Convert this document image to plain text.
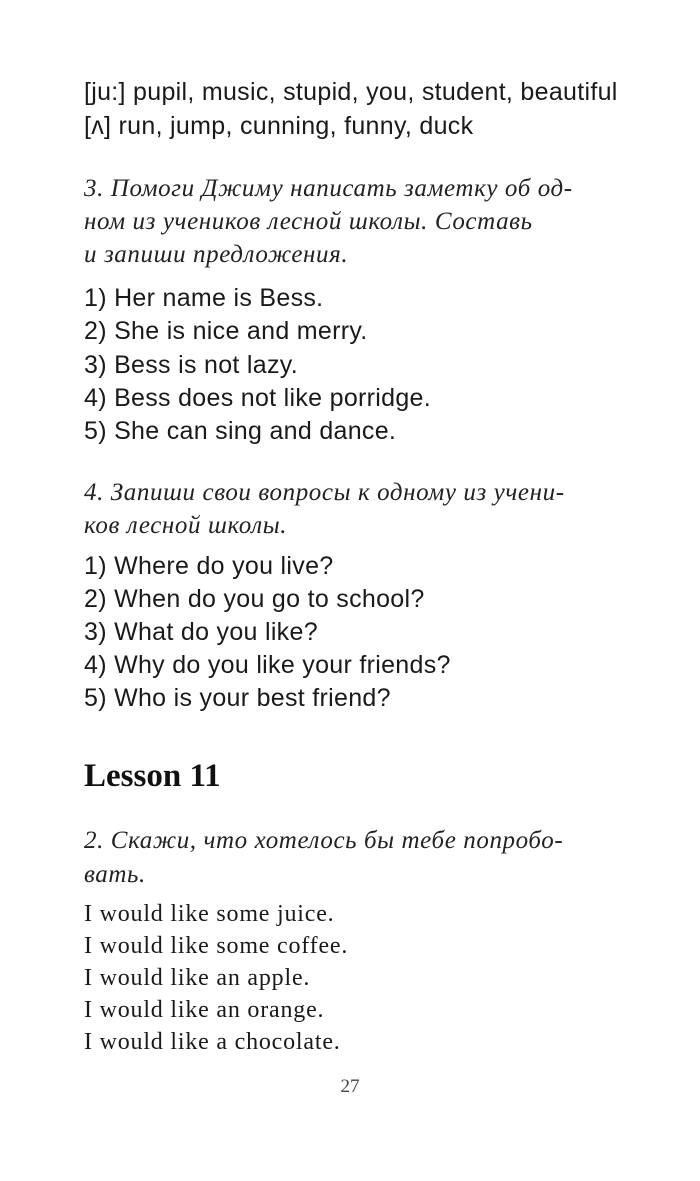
[ju:] pupil, music, stupid, you, student, beautiful
[ʌ] run, jump, cunning, funny, duck
3. Помоги Джиму написать заметку об од-
ном из учеников лесной школы. Составь
и запиши предложения.
1) Her name is Bess.
2) She is nice and merry.
3) Bess is not lazy.
4) Bess does not like porridge.
5) She can sing and dance.
4. Запиши свои вопросы к одному из учени-
ков лесной школы.
1) Where do you live?
2) When do you go to school?
3) What do you like?
4) Why do you like your friends?
5) Who is your best friend?
Lesson 11
2. Скажи, что хотелось бы тебе попробо-
вать.
I would like some juice.
I would like some coffee.
I would like an apple.
I would like an orange.
I would like a chocolate.
27
